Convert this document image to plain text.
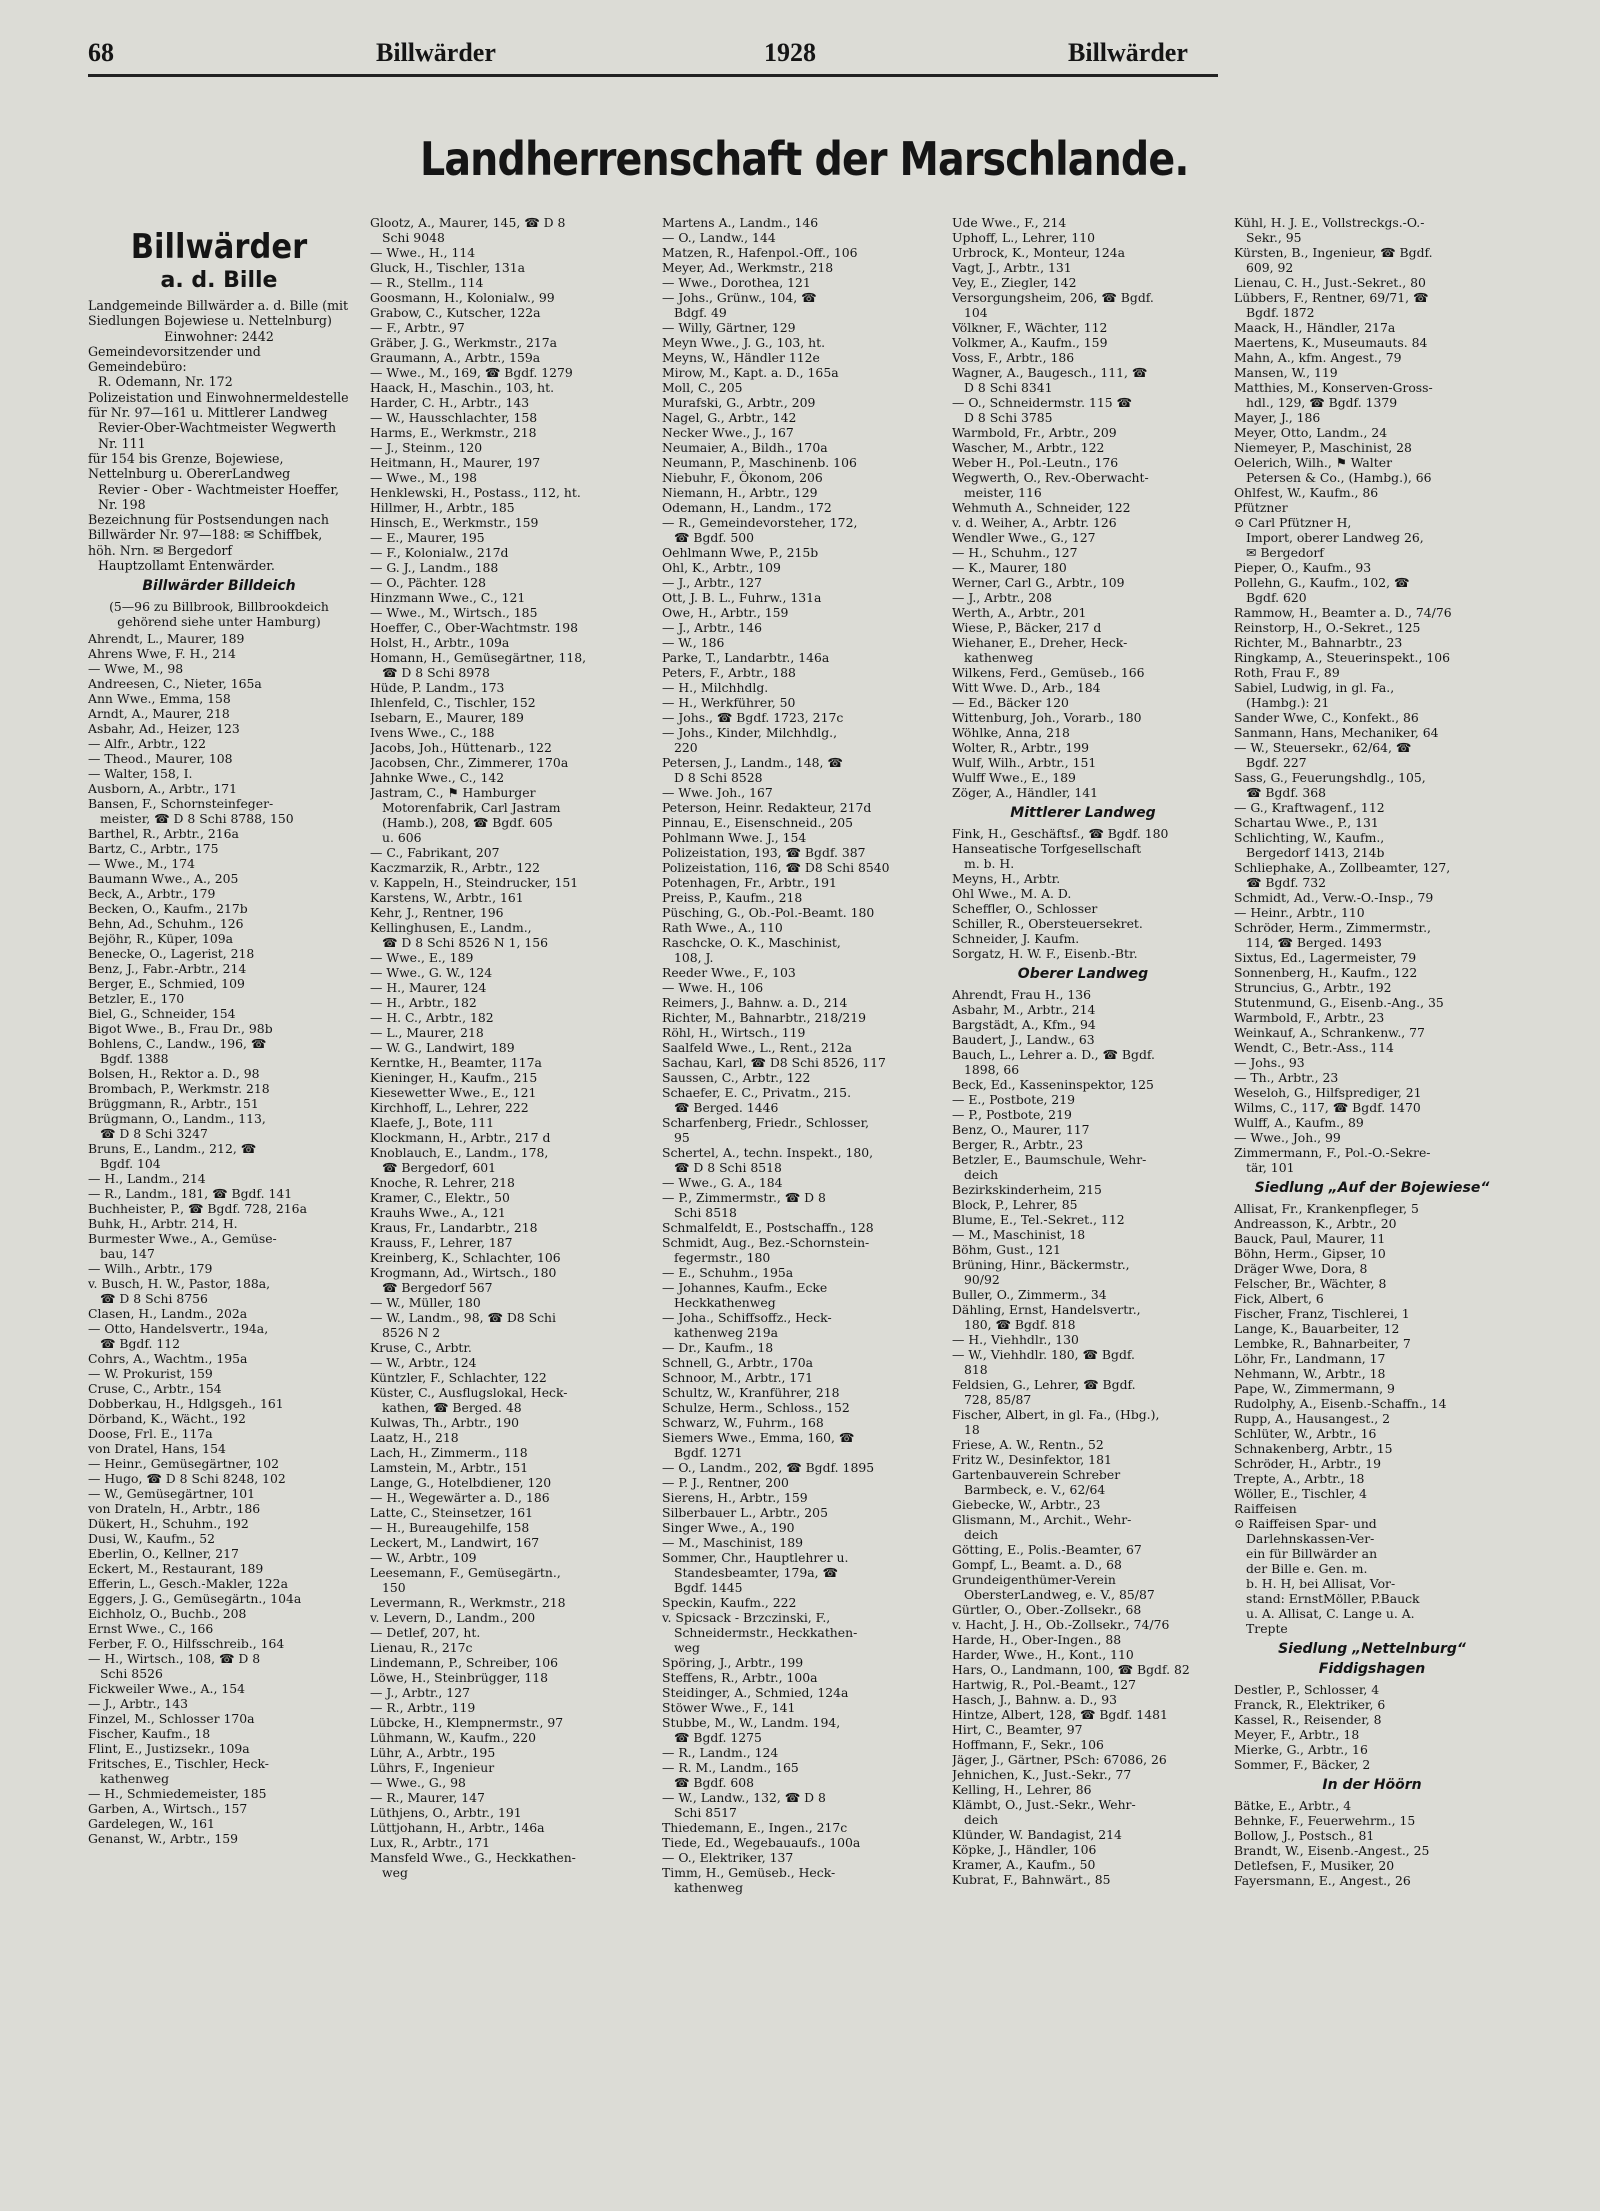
68	Billwärder	1928	Billwärder
Landherrenschaft der Marschlande.
Billwärder
a. d. Bille

Landgemeinde Billwärder a. d. Bille (mit Siedlungen Bojewiese u. Nettelnburg)

Einwohner: 2442

Gemeindevorsitzender und Gemeindebüro:

R. Odemann, Nr. 172

Polizeistation und Einwohnermeldestelle für Nr. 97—161 u. Mittlerer Landweg

Revier-Ober-Wachtmeister Wegwerth Nr. 111

für 154 bis Grenze, Bojewiese, Nettelnburg u. ObererLandweg

Revier - Ober - Wachtmeister Hoeffer, Nr. 198

Bezeichnung für Postsendungen nach Billwärder Nr. 97—188: ✉ Schiffbek, höh. Nrn. ✉ Bergedorf

Hauptzollamt Entenwärder.

Billwärder Billdeich
(5—96 zu Billbrook, Billbrookdeich gehörend siehe unter Hamburg)
Ahrendt, L., Maurer, 189
Ahrens Wwe, F. H., 214
— Wwe, M., 98
Andreesen, C., Nieter, 165a
Ann Wwe., Emma, 158
Arndt, A., Maurer, 218
Asbahr, Ad., Heizer, 123
— Alfr., Arbtr., 122
— Theod., Maurer, 108
— Walter, 158, I.
Ausborn, A., Arbtr., 171
Bansen, F., Schornsteinfeger-
meister, ☎ D 8 Schi 8788, 150
Barthel, R., Arbtr., 216a
Bartz, C., Arbtr., 175
— Wwe., M., 174
Baumann Wwe., A., 205
Beck, A., Arbtr., 179
Becken, O., Kaufm., 217b
Behn, Ad., Schuhm., 126
Bejöhr, R., Küper, 109a
Benecke, O., Lagerist, 218
Benz, J., Fabr.-Arbtr., 214
Berger, E., Schmied, 109
Betzler, E., 170
Biel, G., Schneider, 154
Bigot Wwe., B., Frau Dr., 98b
Bohlens, C., Landw., 196, ☎
Bgdf. 1388
Bolsen, H., Rektor a. D., 98
Brombach, P., Werkmstr. 218
Brüggmann, R., Arbtr., 151
Brügmann, O., Landm., 113,
☎ D 8 Schi 3247
Bruns, E., Landm., 212, ☎
Bgdf. 104
— H., Landm., 214
— R., Landm., 181, ☎ Bgdf. 141
Buchheister, P., ☎ Bgdf. 728, 216a
Buhk, H., Arbtr. 214, H.
Burmester Wwe., A., Gemüse-
bau, 147
— Wilh., Arbtr., 179
v. Busch, H. W., Pastor, 188a,
☎ D 8 Schi 8756
Clasen, H., Landm., 202a
— Otto, Handelsvertr., 194a,
☎ Bgdf. 112
Cohrs, A., Wachtm., 195a
— W. Prokurist, 159
Cruse, C., Arbtr., 154
Dobberkau, H., Hdlgsgeh., 161
Dörband, K., Wächt., 192
Doose, Frl. E., 117a
von Dratel, Hans, 154
— Heinr., Gemüsegärtner, 102
— Hugo, ☎ D 8 Schi 8248, 102
— W., Gemüsegärtner, 101
von Drateln, H., Arbtr., 186
Dükert, H., Schuhm., 192
Dusi, W., Kaufm., 52
Eberlin, O., Kellner, 217
Eckert, M., Restaurant, 189
Efferin, L., Gesch.-Makler, 122a
Eggers, J. G., Gemüsegärtn., 104a
Eichholz, O., Buchb., 208
Ernst Wwe., C., 166
Ferber, F. O., Hilfsschreib., 164
— H., Wirtsch., 108, ☎ D 8
Schi 8526
Fickweiler Wwe., A., 154
— J., Arbtr., 143
Finzel, M., Schlosser 170a
Fischer, Kaufm., 18
Flint, E., Justizsekr., 109a
Fritsches, E., Tischler, Heck-
kathenweg
— H., Schmiedemeister, 185
Garben, A., Wirtsch., 157
Gardelegen, W., 161
Genanst, W., Arbtr., 159
Glootz, A., Maurer, 145, ☎ D 8
Schi 9048
— Wwe., H., 114
Gluck, H., Tischler, 131a
— R., Stellm., 114
Goosmann, H., Kolonialw., 99
Grabow, C., Kutscher, 122a
— F., Arbtr., 97
Gräber, J. G., Werkmstr., 217a
Graumann, A., Arbtr., 159a
— Wwe., M., 169, ☎ Bgdf. 1279
Haack, H., Maschin., 103, ht.
Harder, C. H., Arbtr., 143
— W., Hausschlachter, 158
Harms, E., Werkmstr., 218
— J., Steinm., 120
Heitmann, H., Maurer, 197
— Wwe., M., 198
Henklewski, H., Postass., 112, ht.
Hillmer, H., Arbtr., 185
Hinsch, E., Werkmstr., 159
— E., Maurer, 195
— F., Kolonialw., 217d
— G. J., Landm., 188
— O., Pächter. 128
Hinzmann Wwe., C., 121
— Wwe., M., Wirtsch., 185
Hoeffer, C., Ober-Wachtmstr. 198
Holst, H., Arbtr., 109a
Homann, H., Gemüsegärtner, 118,
☎ D 8 Schi 8978
Hüde, P. Landm., 173
Ihlenfeld, C., Tischler, 152
Isebarn, E., Maurer, 189
Ivens Wwe., C., 188
Jacobs, Joh., Hüttenarb., 122
Jacobsen, Chr., Zimmerer, 170a
Jahnke Wwe., C., 142
Jastram, C., ⚑ Hamburger
Motorenfabrik, Carl Jastram
(Hamb.), 208, ☎ Bgdf. 605
u. 606
— C., Fabrikant, 207
Kaczmarzik, R., Arbtr., 122
v. Kappeln, H., Steindrucker, 151
Karstens, W., Arbtr., 161
Kehr, J., Rentner, 196
Kellinghusen, E., Landm.,
☎ D 8 Schi 8526 N 1, 156
— Wwe., E., 189
— Wwe., G. W., 124
— H., Maurer, 124
— H., Arbtr., 182
— H. C., Arbtr., 182
— L., Maurer, 218
— W. G., Landwirt, 189
Kerntke, H., Beamter, 117a
Kieninger, H., Kaufm., 215
Kiesewetter Wwe., E., 121
Kirchhoff, L., Lehrer, 222
Klaefe, J., Bote, 111
Klockmann, H., Arbtr., 217 d
Knoblauch, E., Landm., 178,
☎ Bergedorf, 601
Knoche, R. Lehrer, 218
Kramer, C., Elektr., 50
Krauhs Wwe., A., 121
Kraus, Fr., Landarbtr., 218
Krauss, F., Lehrer, 187
Kreinberg, K., Schlachter, 106
Krogmann, Ad., Wirtsch., 180
☎ Bergedorf 567
— W., Müller, 180
— W., Landm., 98, ☎ D8 Schi
8526 N 2
Kruse, C., Arbtr.
— W., Arbtr., 124
Küntzler, F., Schlachter, 122
Küster, C., Ausflugslokal, Heck-
kathen, ☎ Berged. 48
Kulwas, Th., Arbtr., 190
Laatz, H., 218
Lach, H., Zimmerm., 118
Lamstein, M., Arbtr., 151
Lange, G., Hotelbdiener, 120
— H., Wegewärter a. D., 186
Latte, C., Steinsetzer, 161
— H., Bureaugehilfe, 158
Leckert, M., Landwirt, 167
— W., Arbtr., 109
Leesemann, F., Gemüsegärtn.,
150
Levermann, R., Werkmstr., 218
v. Levern, D., Landm., 200
— Detlef, 207, ht.
Lienau, R., 217c
Lindemann, P., Schreiber, 106
Löwe, H., Steinbrügger, 118
— J., Arbtr., 127
— R., Arbtr., 119
Lübcke, H., Klempnermstr., 97
Lühmann, W., Kaufm., 220
Lühr, A., Arbtr., 195
Lührs, F., Ingenieur
— Wwe., G., 98
— R., Maurer, 147
Lüthjens, O., Arbtr., 191
Lüttjohann, H., Arbtr., 146a
Lux, R., Arbtr., 171
Mansfeld Wwe., G., Heckkathen-
weg
Martens A., Landm., 146
— O., Landw., 144
Matzen, R., Hafenpol.-Off., 106
Meyer, Ad., Werkmstr., 218
— Wwe., Dorothea, 121
— Johs., Grünw., 104, ☎
Bdgf. 49
— Willy, Gärtner, 129
Meyn Wwe., J. G., 103, ht.
Meyns, W., Händler 112e
Mirow, M., Kapt. a. D., 165a
Moll, C., 205
Murafski, G., Arbtr., 209
Nagel, G., Arbtr., 142
Necker Wwe., J., 167
Neumaier, A., Bildh., 170a
Neumann, P., Maschinenb. 106
Niebuhr, F., Ökonom, 206
Niemann, H., Arbtr., 129
Odemann, H., Landm., 172
— R., Gemeindevorsteher, 172,
☎ Bgdf. 500
Oehlmann Wwe, P., 215b
Ohl, K., Arbtr., 109
— J., Arbtr., 127
Ott, J. B. L., Fuhrw., 131a
Owe, H., Arbtr., 159
— J., Arbtr., 146
— W., 186
Parke, T., Landarbtr., 146a
Peters, F., Arbtr., 188
— H., Milchhdlg.
— H., Werkführer, 50
— Johs., ☎ Bgdf. 1723, 217c
— Johs., Kinder, Milchhdlg.,
220
Petersen, J., Landm., 148, ☎
D 8 Schi 8528
— Wwe. Joh., 167
Peterson, Heinr. Redakteur, 217d
Pinnau, E., Eisenschneid., 205
Pohlmann Wwe. J., 154
Polizeistation, 193, ☎ Bgdf. 387
Polizeistation, 116, ☎ D8 Schi 8540
Potenhagen, Fr., Arbtr., 191
Preiss, P., Kaufm., 218
Püsching, G., Ob.-Pol.-Beamt. 180
Rath Wwe., A., 110
Raschcke, O. K., Maschinist,
108, J.
Reeder Wwe., F., 103
— Wwe. H., 106
Reimers, J., Bahnw. a. D., 214
Richter, M., Bahnarbtr., 218/219
Röhl, H., Wirtsch., 119
Saalfeld Wwe., L., Rent., 212a
Sachau, Karl, ☎ D8 Schi 8526, 117
Saussen, C., Arbtr., 122
Schaefer, E. C., Privatm., 215.
☎ Berged. 1446
Scharfenberg, Friedr., Schlosser,
95
Schertel, A., techn. Inspekt., 180,
☎ D 8 Schi 8518
— Wwe., G. A., 184
— P., Zimmermstr., ☎ D 8
Schi 8518
Schmalfeldt, E., Postschaffn., 128
Schmidt, Aug., Bez.-Schornstein-
fegermstr., 180
— E., Schuhm., 195a
— Johannes, Kaufm., Ecke
Heckkathenweg
— Joha., Schiffsoffz., Heck-
kathenweg 219a
— Dr., Kaufm., 18
Schnell, G., Arbtr., 170a
Schnoor, M., Arbtr., 171
Schultz, W., Kranführer, 218
Schulze, Herm., Schloss., 152
Schwarz, W., Fuhrm., 168
Siemers Wwe., Emma, 160, ☎
Bgdf. 1271
— O., Landm., 202, ☎ Bgdf. 1895
— P. J., Rentner, 200
Sierens, H., Arbtr., 159
Silberbauer L., Arbtr., 205
Singer Wwe., A., 190
— M., Maschinist, 189
Sommer, Chr., Hauptlehrer u.
Standesbeamter, 179a, ☎
Bgdf. 1445
Speckin, Kaufm., 222
v. Spicsack - Brzczinski, F.,
Schneidermstr., Heckkathen-
weg
Spöring, J., Arbtr., 199
Steffens, R., Arbtr., 100a
Steidinger, A., Schmied, 124a
Stöwer Wwe., F., 141
Stubbe, M., W., Landm. 194,
☎ Bgdf. 1275
— R., Landm., 124
— R. M., Landm., 165
☎ Bgdf. 608
— W., Landw., 132, ☎ D 8
Schi 8517
Thiedemann, E., Ingen., 217c
Tiede, Ed., Wegebauaufs., 100a
— O., Elektriker, 137
Timm, H., Gemüseb., Heck-
kathenweg
Ude Wwe., F., 214
Uphoff, L., Lehrer, 110
Urbrock, K., Monteur, 124a
Vagt, J., Arbtr., 131
Vey, E., Ziegler, 142
Versorgungsheim, 206, ☎ Bgdf.
104
Völkner, F., Wächter, 112
Volkmer, A., Kaufm., 159
Voss, F., Arbtr., 186
Wagner, A., Baugesch., 111, ☎
D 8 Schi 8341
— O., Schneidermstr. 115 ☎
D 8 Schi 3785
Warmbold, Fr., Arbtr., 209
Wascher, M., Arbtr., 122
Weber H., Pol.-Leutn., 176
Wegwerth, O., Rev.-Oberwacht-
meister, 116
Wehmuth A., Schneider, 122
v. d. Weiher, A., Arbtr. 126
Wendler Wwe., G., 127
— H., Schuhm., 127
— K., Maurer, 180
Werner, Carl G., Arbtr., 109
— J., Arbtr., 208
Werth, A., Arbtr., 201
Wiese, P., Bäcker, 217 d
Wiehaner, E., Dreher, Heck-
kathenweg
Wilkens, Ferd., Gemüseb., 166
Witt Wwe. D., Arb., 184
— Ed., Bäcker 120
Wittenburg, Joh., Vorarb., 180
Wöhlke, Anna, 218
Wolter, R., Arbtr., 199
Wulf, Wilh., Arbtr., 151
Wulff Wwe., E., 189
Zöger, A., Händler, 141
Mittlerer Landweg
Fink, H., Geschäftsf., ☎ Bgdf. 180
Hanseatische Torfgesellschaft
m. b. H.
Meyns, H., Arbtr.
Ohl Wwe., M. A. D.
Scheffler, O., Schlosser
Schiller, R., Obersteuersekret.
Schneider, J. Kaufm.
Sorgatz, H. W. F., Eisenb.-Btr.
Oberer Landweg
Ahrendt, Frau H., 136
Asbahr, M., Arbtr., 214
Bargstädt, A., Kfm., 94
Baudert, J., Landw., 63
Bauch, L., Lehrer a. D., ☎ Bgdf.
1898, 66
Beck, Ed., Kasseninspektor, 125
— E., Postbote, 219
— P., Postbote, 219
Benz, O., Maurer, 117
Berger, R., Arbtr., 23
Betzler, E., Baumschule, Wehr-
deich
Bezirkskinderheim, 215
Block, P., Lehrer, 85
Blume, E., Tel.-Sekret., 112
— M., Maschinist, 18
Böhm, Gust., 121
Brüning, Hinr., Bäckermstr.,
90/92
Buller, O., Zimmerm., 34
Dähling, Ernst, Handelsvertr.,
180, ☎ Bgdf. 818
— H., Viehhdlr., 130
— W., Viehhdlr. 180, ☎ Bgdf.
818
Feldsien, G., Lehrer, ☎ Bgdf.
728, 85/87
Fischer, Albert, in gl. Fa., (Hbg.),
18
Friese, A. W., Rentn., 52
Fritz W., Desinfektor, 181
Gartenbauverein Schreber
Barmbeck, e. V., 62/64
Giebecke, W., Arbtr., 23
Glismann, M., Archit., Wehr-
deich
Götting, E., Polis.-Beamter, 67
Gompf, L., Beamt. a. D., 68
Grundeigenthümer-Verein
ObersterLandweg, e. V., 85/87
Gürtler, O., Ober.-Zollsekr., 68
v. Hacht, J. H., Ob.-Zollsekr., 74/76
Harde, H., Ober-Ingen., 88
Harder, Wwe., H., Kont., 110
Hars, O., Landmann, 100, ☎ Bgdf. 82
Hartwig, R., Pol.-Beamt., 127
Hasch, J., Bahnw. a. D., 93
Hintze, Albert, 128, ☎ Bgdf. 1481
Hirt, C., Beamter, 97
Hoffmann, F., Sekr., 106
Jäger, J., Gärtner, PSch: 67086, 26
Jehnichen, K., Just.-Sekr., 77
Kelling, H., Lehrer, 86
Klämbt, O., Just.-Sekr., Wehr-
deich
Klünder, W. Bandagist, 214
Köpke, J., Händler, 106
Kramer, A., Kaufm., 50
Kubrat, F., Bahnwärt., 85
Kühl, H. J. E., Vollstreckgs.-O.-
Sekr., 95
Kürsten, B., Ingenieur, ☎ Bgdf.
609, 92
Lienau, C. H., Just.-Sekret., 80
Lübbers, F., Rentner, 69/71, ☎
Bgdf. 1872
Maack, H., Händler, 217a
Maertens, K., Museumauts. 84
Mahn, A., kfm. Angest., 79
Mansen, W., 119
Matthies, M., Konserven-Gross-
hdl., 129, ☎ Bgdf. 1379
Mayer, J., 186
Meyer, Otto, Landm., 24
Niemeyer, P., Maschinist, 28
Oelerich, Wilh., ⚑ Walter
Petersen & Co., (Hambg.), 66
Ohlfest, W., Kaufm., 86
Pfützner
⊙ Carl Pfützner H,
Import, oberer Landweg 26,
✉ Bergedorf
Pieper, O., Kaufm., 93
Pollehn, G., Kaufm., 102, ☎
Bgdf. 620
Rammow, H., Beamter a. D., 74/76
Reinstorp, H., O.-Sekret., 125
Richter, M., Bahnarbtr., 23
Ringkamp, A., Steuerinspekt., 106
Roth, Frau F., 89
Sabiel, Ludwig, in gl. Fa.,
(Hambg.): 21
Sander Wwe, C., Konfekt., 86
Sanmann, Hans, Mechaniker, 64
— W., Steuersekr., 62/64, ☎
Bgdf. 227
Sass, G., Feuerungshdlg., 105,
☎ Bgdf. 368
— G., Kraftwagenf., 112
Schartau Wwe., P., 131
Schlichting, W., Kaufm.,
Bergedorf 1413, 214b
Schliephake, A., Zollbeamter, 127,
☎ Bgdf. 732
Schmidt, Ad., Verw.-O.-Insp., 79
— Heinr., Arbtr., 110
Schröder, Herm., Zimmermstr.,
114, ☎ Berged. 1493
Sixtus, Ed., Lagermeister, 79
Sonnenberg, H., Kaufm., 122
Struncius, G., Arbtr., 192
Stutenmund, G., Eisenb.-Ang., 35
Warmbold, F., Arbtr., 23
Weinkauf, A., Schrankenw., 77
Wendt, C., Betr.-Ass., 114
— Johs., 93
— Th., Arbtr., 23
Weseloh, G., Hilfsprediger, 21
Wilms, C., 117, ☎ Bgdf. 1470
Wulff, A., Kaufm., 89
— Wwe., Joh., 99
Zimmermann, F., Pol.-O.-Sekre-
tär, 101
Siedlung „Auf der Bojewiese“
Allisat, Fr., Krankenpfleger, 5
Andreasson, K., Arbtr., 20
Bauck, Paul, Maurer, 11
Böhn, Herm., Gipser, 10
Dräger Wwe, Dora, 8
Felscher, Br., Wächter, 8
Fick, Albert, 6
Fischer, Franz, Tischlerei, 1
Lange, K., Bauarbeiter, 12
Lembke, R., Bahnarbeiter, 7
Löhr, Fr., Landmann, 17
Nehmann, W., Arbtr., 18
Pape, W., Zimmermann, 9
Rudolphy, A., Eisenb.-Schaffn., 14
Rupp, A., Hausangest., 2
Schlüter, W., Arbtr., 16
Schnakenberg, Arbtr., 15
Schröder, H., Arbtr., 19
Trepte, A., Arbtr., 18
Wöller, E., Tischler, 4
Raiffeisen
⊙ Raiffeisen Spar- und
Darlehnskassen-Ver-
ein für Billwärder an
der Bille e. Gen. m.
b. H. H, bei Allisat, Vor-
stand: ErnstMöller, P.Bauck
u. A. Allisat, C. Lange u. A.
Trepte
Siedlung „Nettelnburg“ Fiddigshagen
Destler, P., Schlosser, 4
Franck, R., Elektriker, 6
Kassel, R., Reisender, 8
Meyer, F., Arbtr., 18
Mierke, G., Arbtr., 16
Sommer, F., Bäcker, 2
In der Höörn
Bätke, E., Arbtr., 4
Behnke, F., Feuerwehrm., 15
Bollow, J., Postsch., 81
Brandt, W., Eisenb.-Angest., 25
Detlefsen, F., Musiker, 20
Fayersmann, E., Angest., 26
